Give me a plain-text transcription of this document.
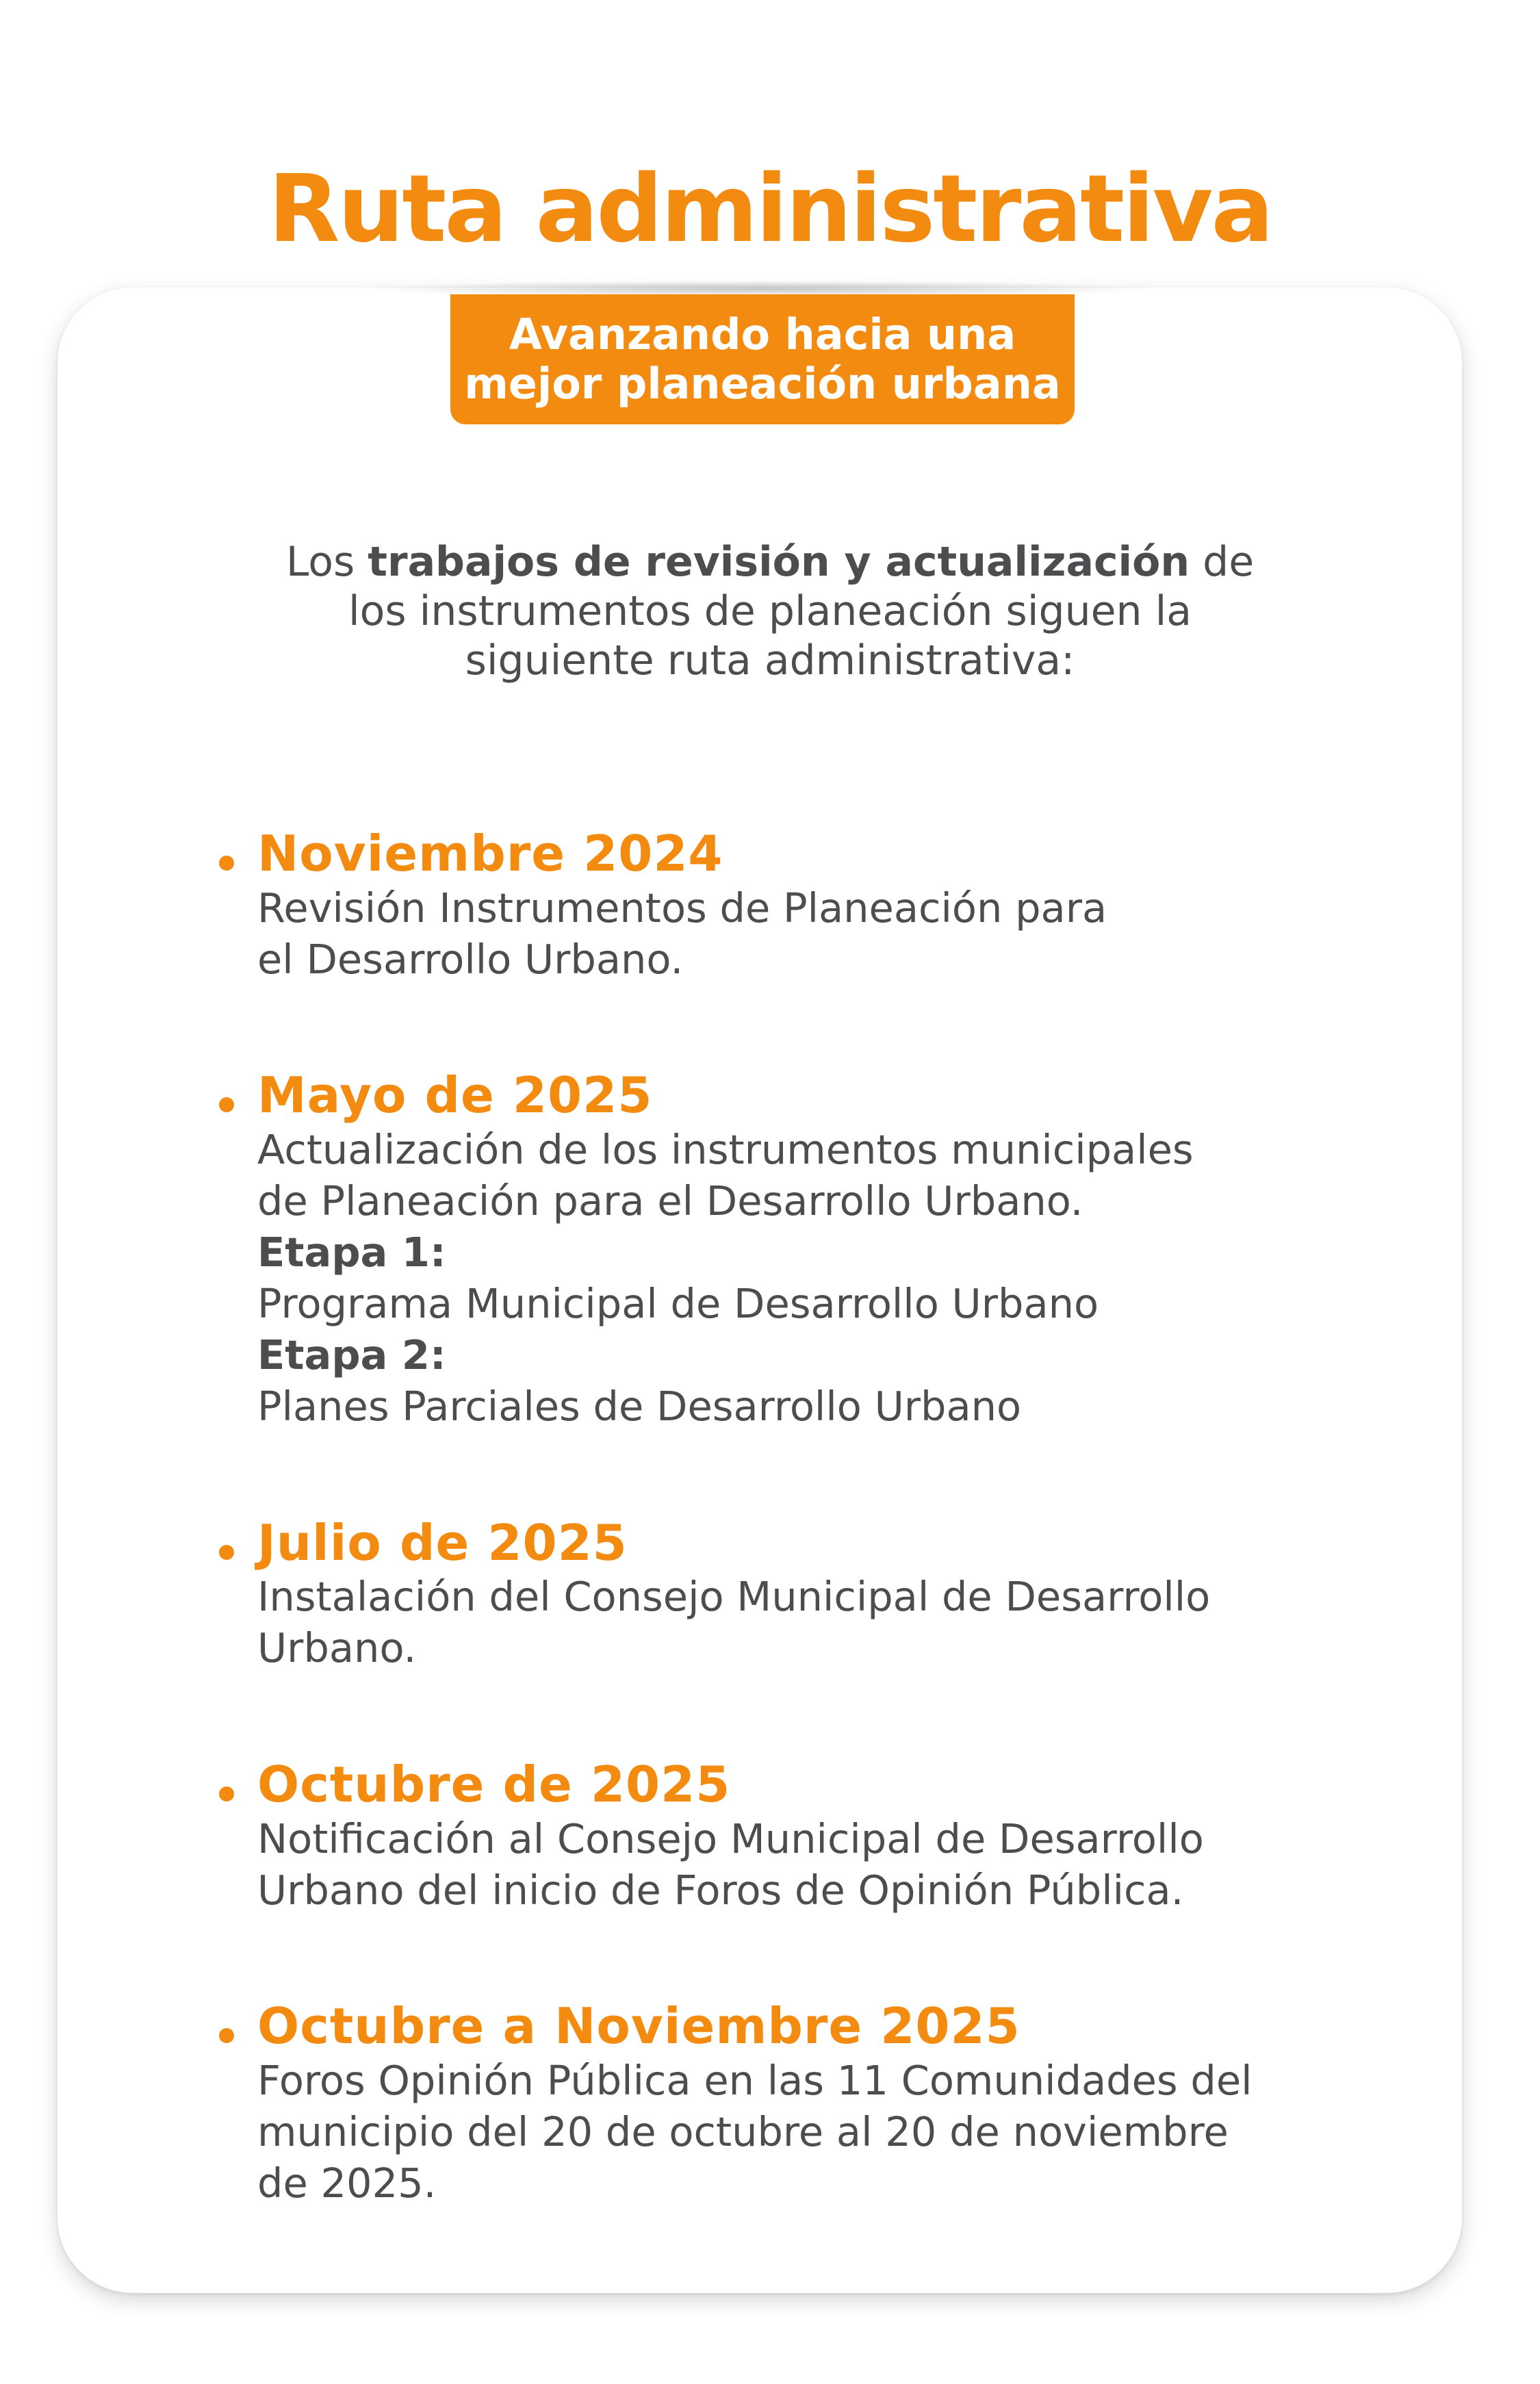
Ruta administrativa
Avanzando hacia una
mejor planeación urbana

Los trabajos de revisión y actualización de los instrumentos de planeación siguen la siguiente ruta administrativa:

Noviembre 2024
Revisión Instrumentos de Planeación para
el Desarrollo Urbano.
Mayo de 2025
Actualización de los instrumentos municipales
de Planeación para el Desarrollo Urbano.
Etapa 1:
Programa Municipal de Desarrollo Urbano
Etapa 2:
Planes Parciales de Desarrollo Urbano
Julio de 2025
Instalación del Consejo Municipal de Desarrollo
Urbano.
Octubre de 2025
Notificación al Consejo Municipal de Desarrollo
Urbano del inicio de Foros de Opinión Pública.
Octubre a Noviembre 2025
Foros Opinión Pública en las 11 Comunidades del
municipio del 20 de octubre al 20 de noviembre
de 2025.
